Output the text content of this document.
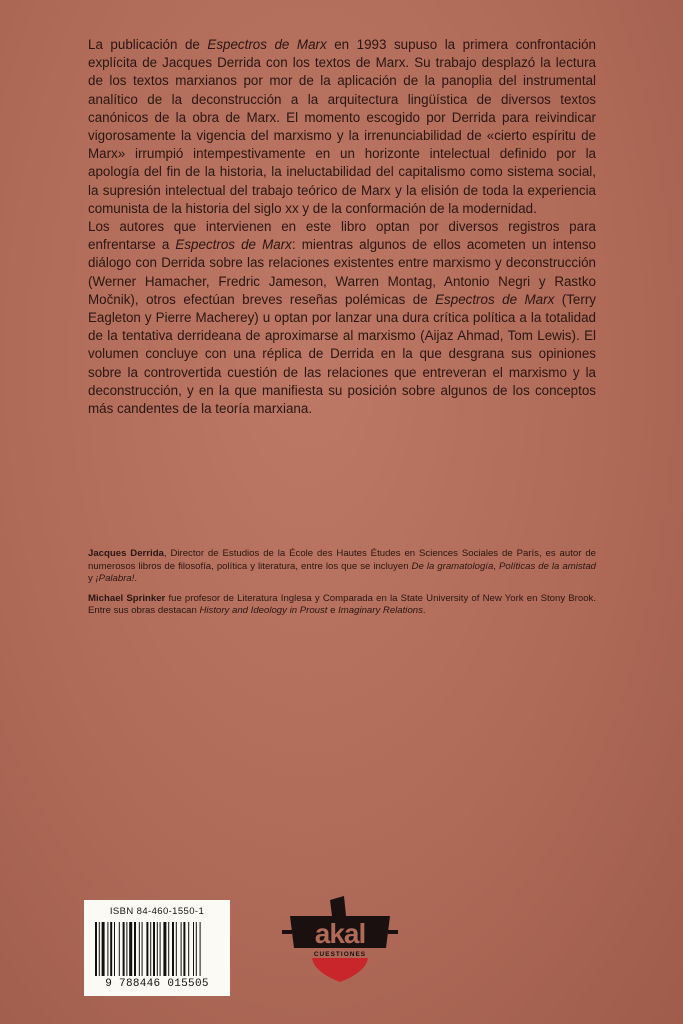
La publicación de Espectros de Marx en 1993 supuso la primera confrontación explícita de Jacques Derrida con los textos de Marx. Su trabajo desplazó la lectura de los textos marxianos por mor de la aplicación de la panoplia del instrumental analítico de la deconstrucción a la arquitectura lingüística de diversos textos canónicos de la obra de Marx. El momento escogido por Derrida para reivindicar vigorosamente la vigencia del marxismo y la irrenunciabilidad de «cierto espíritu de Marx» irrumpió intempestivamente en un horizonte intelectual definido por la apología del fin de la historia, la ineluctabilidad del capitalismo como sistema social, la supresión intelectual del trabajo teórico de Marx y la elisión de toda la experiencia comunista de la historia del siglo xx y de la conformación de la modernidad.

Los autores que intervienen en este libro optan por diversos registros para enfrentarse a Espectros de Marx: mientras algunos de ellos acometen un intenso diálogo con Derrida sobre las relaciones existentes entre marxismo y deconstrucción (Werner Hamacher, Fredric Jameson, Warren Montag, Antonio Negri y Rastko Močnik), otros efectúan breves reseñas polémicas de Espectros de Marx (Terry Eagleton y Pierre Macherey) u optan por lanzar una dura crítica política a la totalidad de la tentativa derrideana de aproximarse al marxismo (Aijaz Ahmad, Tom Lewis). El volumen concluye con una réplica de Derrida en la que desgrana sus opiniones sobre la controvertida cuestión de las relaciones que entreveran el marxismo y la deconstrucción, y en la que manifiesta su posición sobre algunos de los conceptos más candentes de la teoría marxiana.

Jacques Derrida, Director de Estudios de la École des Hautes Études en Sciences Sociales de París, es autor de numerosos libros de filosofía, política y literatura, entre los que se incluyen De la gramatología, Políticas de la amistad y ¡Palabra!.

Michael Sprinker fue profesor de Literatura Inglesa y Comparada en la State University of New York en Stony Brook. Entre sus obras destacan History and Ideology in Proust e Imaginary Relations.

ISBN 84-460-1550-1
9 788446 015505
akal
CUESTIONES
